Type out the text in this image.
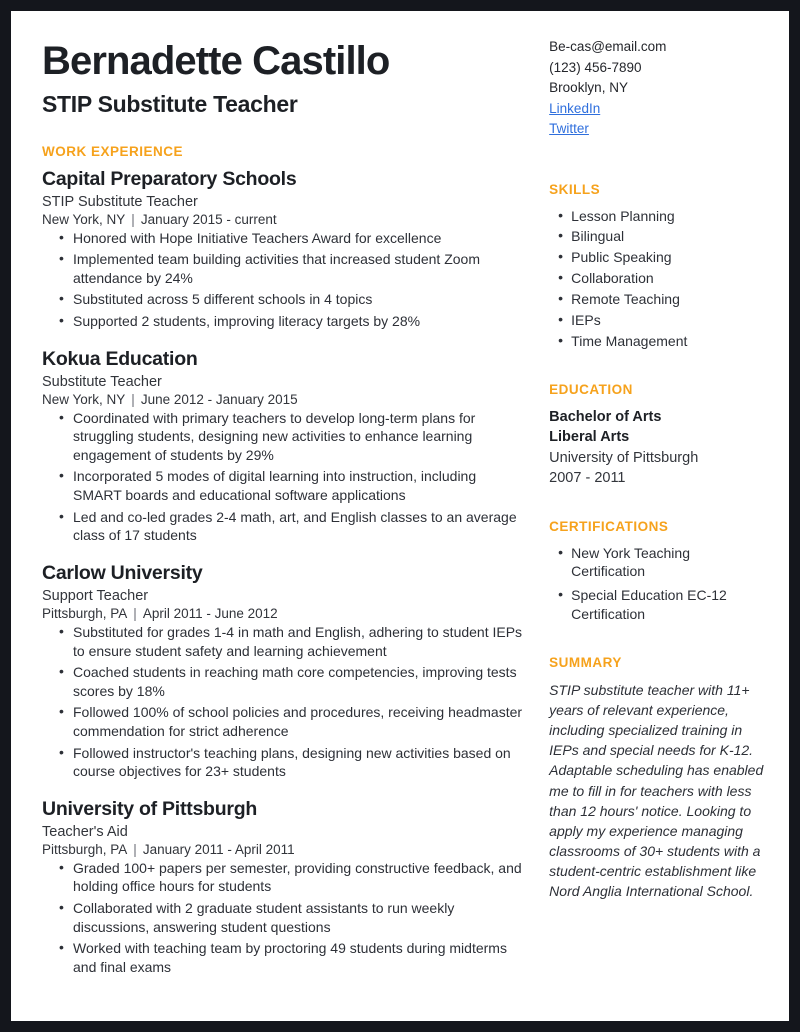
Bernadette Castillo
STIP Substitute Teacher
WORK EXPERIENCE
Capital Preparatory Schools
STIP Substitute Teacher
New York, NY | January 2015 - current
• Honored with Hope Initiative Teachers Award for excellence
• Implemented team building activities that increased student Zoom attendance by 24%
• Substituted across 5 different schools in 4 topics
• Supported 2 students, improving literacy targets by 28%
Kokua Education
Substitute Teacher
New York, NY | June 2012 - January 2015
• Coordinated with primary teachers to develop long-term plans for struggling students, designing new activities to enhance learning engagement of students by 29%
• Incorporated 5 modes of digital learning into instruction, including SMART boards and educational software applications
• Led and co-led grades 2-4 math, art, and English classes to an average class of 17 students
Carlow University
Support Teacher
Pittsburgh, PA | April 2011 - June 2012
• Substituted for grades 1-4 in math and English, adhering to student IEPs to ensure student safety and learning achievement
• Coached students in reaching math core competencies, improving tests scores by 18%
• Followed 100% of school policies and procedures, receiving headmaster commendation for strict adherence
• Followed instructor's teaching plans, designing new activities based on course objectives for 23+ students
University of Pittsburgh
Teacher's Aid
Pittsburgh, PA | January 2011 - April 2011
• Graded 100+ papers per semester, providing constructive feedback, and holding office hours for students
• Collaborated with 2 graduate student assistants to run weekly discussions, answering student questions
• Worked with teaching team by proctoring 49 students during midterms and final exams
Be-cas@email.com
(123) 456-7890
Brooklyn, NY
LinkedIn
Twitter
SKILLS
• Lesson Planning
• Bilingual
• Public Speaking
• Collaboration
• Remote Teaching
• IEPs
• Time Management
EDUCATION
Bachelor of Arts
Liberal Arts
University of Pittsburgh
2007 - 2011
CERTIFICATIONS
• New York Teaching Certification
• Special Education EC-12 Certification
SUMMARY

STIP substitute teacher with 11+ years of relevant experience, including specialized training in IEPs and special needs for K-12. Adaptable scheduling has enabled me to fill in for teachers with less than 12 hours' notice. Looking to apply my experience managing classrooms of 30+ students with a student-centric establishment like Nord Anglia International School.
